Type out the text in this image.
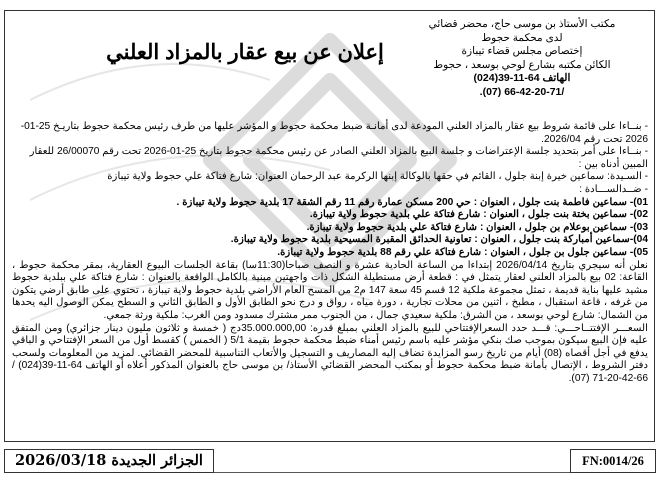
مكتب الأستاذ بن موسى حاج، محضر قضائي
لدى محكمة حجوط
إختصاص مجلس قضاء تيبازة
الكائن مكتبه بشارع لوحي بوسعد ، حجوط
الهاتف 64-11-39(024)
/66-42-20-71 (07).
إعلان عن بيع عقار بالمزاد العلني

- بنــاءا على قائمة شروط بيع عقار بالمزاد العلني المودعة لدى أمانـة ضبط محكمة حجوط و المؤشر عليها من طرف رئيس محكمة حجوط بتاريـخ 25-01-2026 تحت رقم 2026/04.

- بنــاءا على أمر بتحديد جلسة الإعتراضات و جلسة البيع بالمزاد العلني الصادر عن رئيس محكمة حجوط بتاريخ 25-01-2026 تحت رقم 26/00070 للعقار المبين أدناه بين :

- السـيدة: سماعين خيرة إبنة جلول ، القائم في حقها بالوكالة إبنها الركرمة عبد الرحمان العنوان: شارع فتاكة علي حجوط ولاية تيبازة

- ضــدالســـادة :

01)- سماعين فاطمة بنت جلول ، العنوان : حي 200 مسكن عمارة رقم 11 رقم الشقة 17 بلدية حجوط ولاية تيبازة .

02)- سماعين بختة بنت جلول ، العنوان : شارع فتاكة علي بلدية حجوط ولاية تيبازة.

03)- سماعين بوعلام بن جلول ، العنوان : شارع فتاكة علي بلدية حجوط ولاية تيبازة.

04)-سماعين أمباركة بنت جلول ، العنوان : تعاونية الحدائق المقبرة المسيحية بلدية حجوط ولاية تيبازة.

05)- سماعين جلول بن جلول ، العنوان : شارع فتاكة علي رقم 88 بلدية حجوط ولاية تيبازة.

نعلن أنه سيجري بتاريخ 2026/04/14 إبتداءا من الساعة الحادية عشرة و النصف صباحا(11:30سا) بقاعة الجلسات البيوع العقارية، بمقر محكمة حجوط ، القاعة: 02 بيع بالمزاد العلني لعقار يتمثل في : قطعة أرض مستطيلة الشكل ذات واجهتين مبنية بالكامل الواقعة بالعنوان : شارع فتاكة علي ببلدية حجوط مشيد عليها بناية قديمة ، تمثل مجموعة ملكية 12 قسم 45 سعة 147 م2 من المسح العام الأراضي بلدية حجوط ولاية تيبازة ، تحتوي على طابق أرضي يتكون من غرفه ، قاعة استقبال ، مطبخ ، اثنين من محلات تجارية ، دورة مياه ، رواق و درج نحو الطابق الأول و الطابق الثاني و السطح يمكن الوصول اليه يحدها من الشمال: شارع لوحي بوسعد ، من الشرق: ملكية سعيدي جمال ، من الجنوب ممر مشترك مسدود ومن الغرب: ملكية ورثة جمعي.

السعـــر الإفتتــاحـــي: قـــد حدد السعرالإفتتاحي للبيع بالمزاد العلني بمبلغ قدره: 35.000.000,00دج ( خمسة و ثلاثون مليون دينار جزائري) ومن المتفق عليه فإن البيع سيكون بموجب صك بنكي مؤشر عليه باسم رئيس أمناء ضبط محكمة حجوط بقيمة 5/1 ( الخمس ) كقسط أول من السعر الإفتتاحي و الباقي يدفع في أجل أقصاه (08) أيام من تاريخ رسو المزايدة تضاف إليه المصاريف و التسجيل والأتعاب التناسبية للمحضر القضائي. لمزيد من المعلومات ولسحب دفتر الشروط ، الإتصال بأمانة ضبط محكمة حجوط أو بمكتب المحضر القضائي الأستاذ/ بن موسى حاج بالعنوان المذكور أعلاه أو الهاتف 64-11-39(024) / 66-42-20-71 (07).

الجزائر الجديدة 2026/03/18	FN:0014/26
